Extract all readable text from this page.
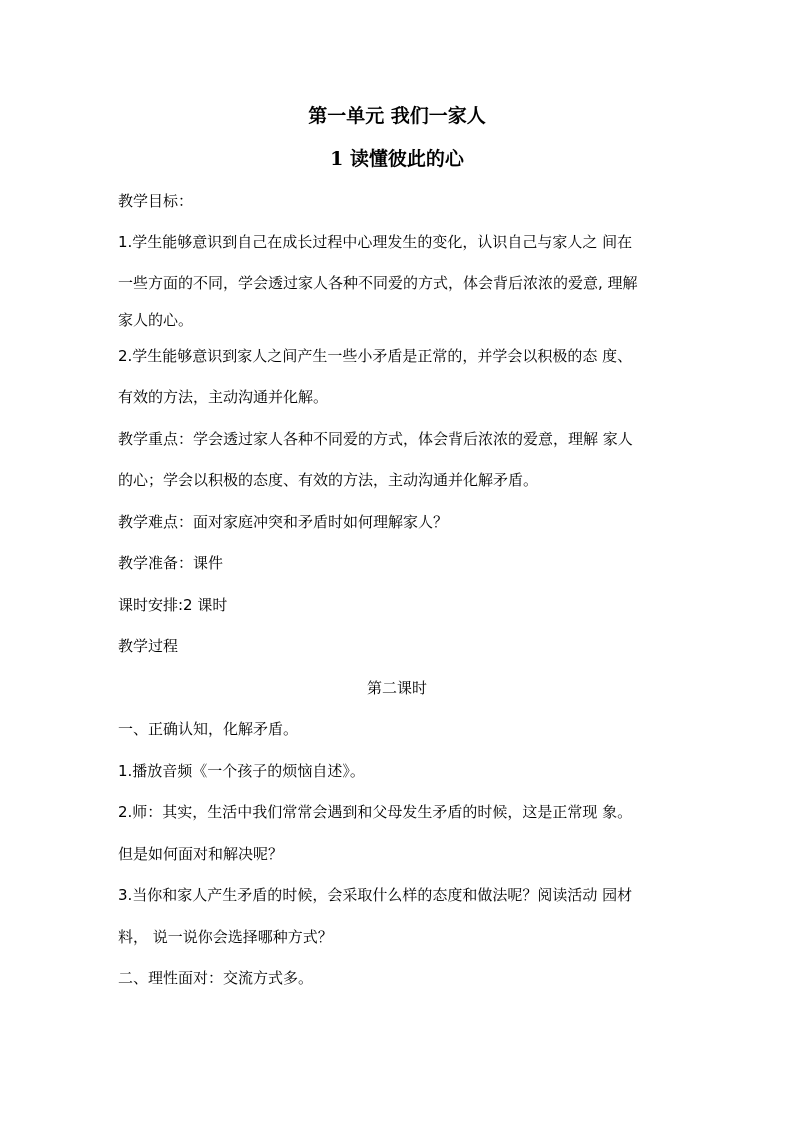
第一单元 我们一家人
1 读懂彼此的心
教学目标：
1.学生能够意识到自己在成长过程中心理发生的变化，认识自己与家人之 间在
一些方面的不同，学会透过家人各种不同爱的方式，体会背后浓浓的爱意, 理解
家人的心。
2.学生能够意识到家人之间产生一些小矛盾是正常的，并学会以积极的态 度、
有效的方法，主动沟通并化解。
教学重点：学会透过家人各种不同爱的方式，体会背后浓浓的爱意，理解 家人
的心；学会以积极的态度、有效的方法，主动沟通并化解矛盾。
教学难点：面对家庭冲突和矛盾时如何理解家人？
教学准备：课件
课时安排:2 课时
教学过程
第二课时
一、正确认知，化解矛盾。
1.播放音频《一个孩子的烦恼自述》。
2.师：其实，生活中我们常常会遇到和父母发生矛盾的时候，这是正常现 象。
但是如何面对和解决呢？
3.当你和家人产生矛盾的时候，会采取什么样的态度和做法呢？阅读活动 园材
料， 说一说你会选择哪种方式？
二、理性面对：交流方式多。
